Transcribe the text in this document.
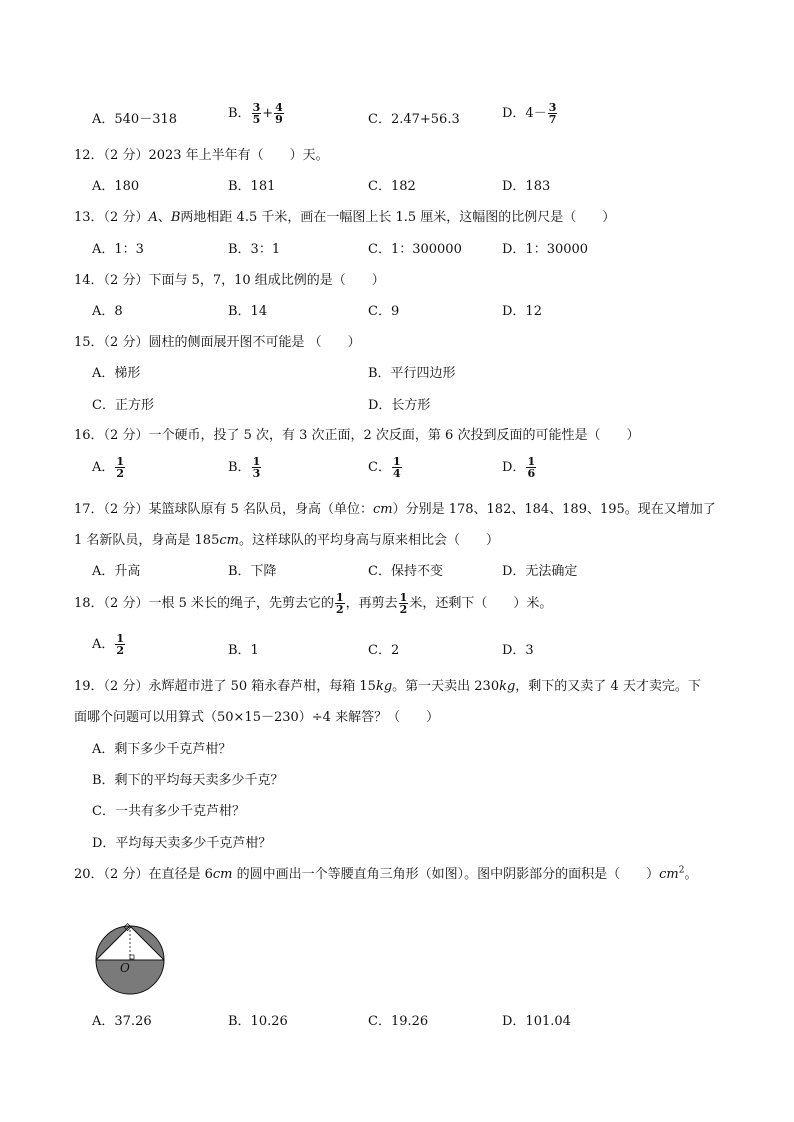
A．540－318	B． $\frac{3}{5} + \frac{4}{9}$	C．2.47+56.3	D．$4- \frac{3}{7}$
12．（2 分）2023 年上半年有（　　）天。
A．180	B．181	C．182	D．183
13．（2 分）A、B两地相距 4.5 千米，画在一幅图上长 1.5 厘米，这幅图的比例尺是（　　）
A．1：3	B．3：1	C．1：300000	D．1：30000
14．（2 分）下面与 5，7，10 组成比例的是（　　）
A．8	B．14	C．9	D．12
15．（2 分）圆柱的侧面展开图不可能是 （　　）
A．梯形	B．平行四边形
C．正方形	D．长方形
16．（2 分）一个硬币，投了 5 次，有 3 次正面，2 次反面，第 6 次投到反面的可能性是（　　）
A． $\frac{1}{2}$	B． $\frac{1}{3}$	C． $\frac{1}{4}$	D． $\frac{1}{6}$
17．（2 分）某篮球队原有 5 名队员，身高（单位：cm）分别是 178、182、184、189、195。现在又增加了
1 名新队员，身高是 185cm。这样球队的平均身高与原来相比会（　　）
A．升高	B．下降	C．保持不变	D．无法确定
18．（2 分）一根 5 米长的绳子，先剪去它的 $\frac{1}{2}$ ，再剪去 $\frac{1}{2}$ 米，还剩下（　　）米。
A． $\frac{1}{2}$	B．1	C．2	D．3
19．（2 分）永辉超市进了 50 箱永春芦柑，每箱 15kg。第一天卖出 230kg，剩下的又卖了 4 天才卖完。下
面哪个问题可以用算式（50×15－230）÷4 来解答？（　　）
A．剩下多少千克芦柑？
B．剩下的平均每天卖多少千克？
C．一共有多少千克芦柑？
D．平均每天卖多少千克芦柑？
20．（2 分）在直径是 6cm 的圆中画出一个等腰直角三角形（如图）。图中阴影部分的面积是（　　）$cm^2$。
O
A．37.26	B．10.26	C．19.26	D．101.04
